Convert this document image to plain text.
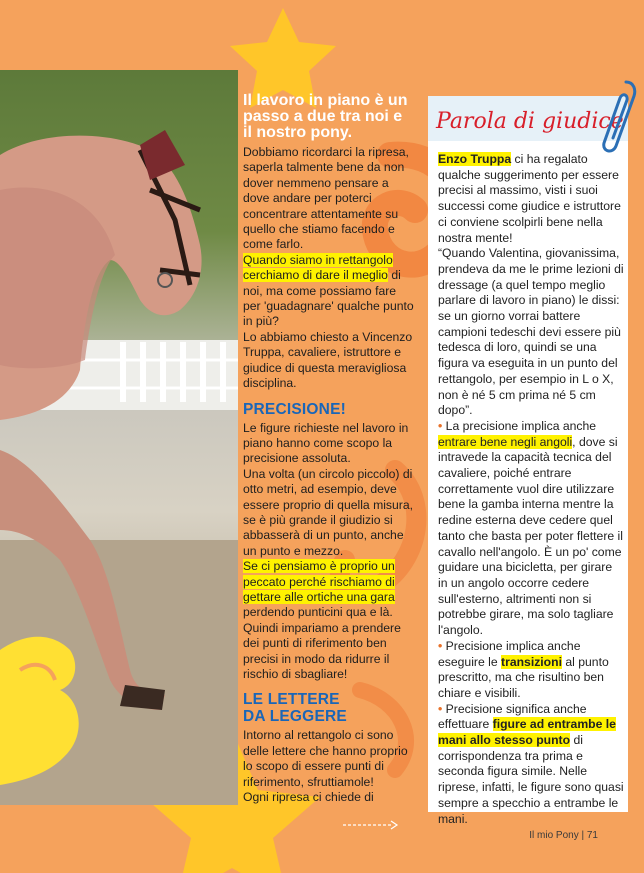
Il lavoro in piano è un passo a due tra noi e il nostro pony.

Dobbiamo ricordarci la ripresa, saperla talmente bene da non dover nemmeno pensare a dove andare per poterci concentrare attentamente su quello che stiamo facendo e come farlo.

Quando siamo in rettangolo cerchiamo di dare il meglio di noi, ma come possiamo fare per 'guadagnare' qualche punto in più?

Lo abbiamo chiesto a Vincenzo Truppa, cavaliere, istruttore e giudice di questa meravigliosa disciplina.

PRECISIONE!

Le figure richieste nel lavoro in piano hanno come scopo la precisione assoluta.

Una volta (un circolo piccolo) di otto metri, ad esempio, deve essere proprio di quella misura, se è più grande il giudizio si abbasserà di un punto, anche un punto e mezzo.

Se ci pensiamo è proprio un peccato perché rischiamo di gettare alle ortiche una gara perdendo punticini qua e là.

Quindi impariamo a prendere dei punti di riferimento ben precisi in modo da ridurre il rischio di sbagliare!

LE LETTERE DA LEGGERE

Intorno al rettangolo ci sono delle lettere che hanno proprio lo scopo di essere punti di riferimento, sfruttiamole!

Ogni ripresa ci chiede di

Parola di giudice

Enzo Truppa ci ha regalato qualche suggerimento per essere precisi al massimo, visti i suoi successi come giudice e istruttore ci conviene scolpirli bene nella nostra mente!

“Quando Valentina, giovanissima, prendeva da me le prime lezioni di dressage (a quel tempo meglio parlare di lavoro in piano) le dissi: se un giorno vorrai battere campioni tedeschi devi essere più tedesca di loro, quindi se una figura va eseguita in un punto del rettangolo, per esempio in L o X, non è né 5 cm prima né 5 cm dopo”.

• La precisione implica anche entrare bene negli angoli, dove si intravede la capacità tecnica del cavaliere, poiché entrare correttamente vuol dire utilizzare bene la gamba interna mentre la redine esterna deve cedere quel tanto che basta per poter flettere il cavallo nell'angolo. È un po' come guidare una bicicletta, per girare in un angolo occorre cedere sull'esterno, altrimenti non si potrebbe girare, ma solo tagliare l'angolo.

• Precisione implica anche eseguire le transizioni al punto prescritto, ma che risultino ben chiare e visibili.

• Precisione significa anche effettuare figure ad entrambe le mani allo stesso punto di corrispondenza tra prima e seconda figura simile. Nelle riprese, infatti, le figure sono quasi sempre a specchio a entrambe le mani.

Il mio Pony | 71
